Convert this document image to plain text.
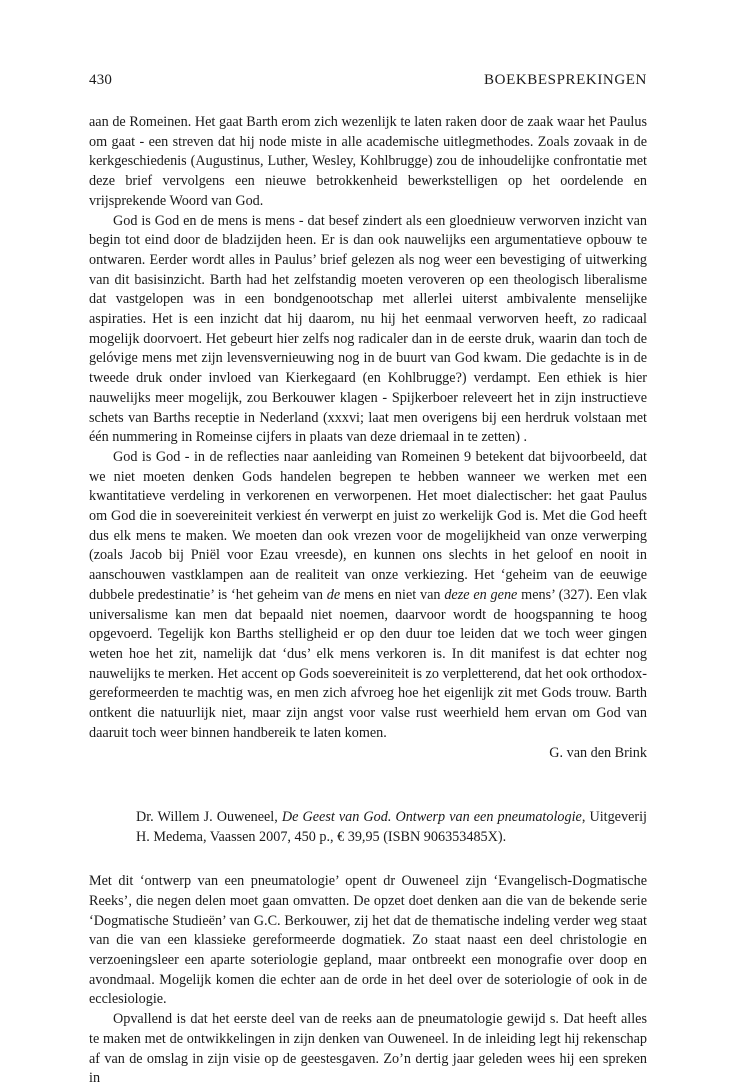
430	BOEKBESPREKINGEN

aan de Romeinen. Het gaat Barth erom zich wezenlijk te laten raken door de zaak waar het Paulus om gaat - een streven dat hij node miste in alle academische uitlegmethodes. Zoals zovaak in de kerkgeschiedenis (Augustinus, Luther, Wesley, Kohlbrugge) zou de inhoudelijke confrontatie met deze brief vervolgens een nieuwe betrokkenheid bewerkstelligen op het oordelende en vrijsprekende Woord van God.

God is God en de mens is mens - dat besef zindert als een gloednieuw verworven inzicht van begin tot eind door de bladzijden heen. Er is dan ook nauwelijks een argumentatieve opbouw te ontwaren. Eerder wordt alles in Paulus’ brief gelezen als nog weer een bevestiging of uitwerking van dit basisinzicht. Barth had het zelfstandig moeten veroveren op een theologisch liberalisme dat vastgelopen was in een bondgenootschap met allerlei uiterst ambivalente menselijke aspiraties. Het is een inzicht dat hij daarom, nu hij het eenmaal verworven heeft, zo radicaal mogelijk doorvoert. Het gebeurt hier zelfs nog radicaler dan in de eerste druk, waarin dan toch de gelóvige mens met zijn levensvernieuwing nog in de buurt van God kwam. Die gedachte is in de tweede druk onder invloed van Kierkegaard (en Kohlbrugge?) verdampt. Een ethiek is hier nauwelijks meer mogelijk, zou Berkouwer klagen - Spijkerboer releveert het in zijn instructieve schets van Barths receptie in Nederland (xxxvi; laat men overigens bij een herdruk volstaan met één nummering in Romeinse cijfers in plaats van deze driemaal in te zetten) .

God is God - in de reflecties naar aanleiding van Romeinen 9 betekent dat bijvoorbeeld, dat we niet moeten denken Gods handelen begrepen te hebben wanneer we werken met een kwantitatieve verdeling in verkorenen en verworpenen. Het moet dialectischer: het gaat Paulus om God die in soevereiniteit verkiest én verwerpt en juist zo werkelijk God is. Met die God heeft dus elk mens te maken. We moeten dan ook vrezen voor de mogelijkheid van onze verwerping (zoals Jacob bij Pniël voor Ezau vreesde), en kunnen ons slechts in het geloof en nooit in aanschouwen vastklampen aan de realiteit van onze verkiezing. Het ‘geheim van de eeuwige dubbele predestinatie’ is ‘het geheim van de mens en niet van deze en gene mens’ (327). Een vlak universalisme kan men dat bepaald niet noemen, daarvoor wordt de hoogspanning te hoog opgevoerd. Tegelijk kon Barths stelligheid er op den duur toe leiden dat we toch weer gingen weten hoe het zit, namelijk dat ‘dus’ elk mens verkoren is. In dit manifest is dat echter nog nauwelijks te merken. Het accent op Gods soevereiniteit is zo verpletterend, dat het ook orthodox-gereformeerden te machtig was, en men zich afvroeg hoe het eigenlijk zit met Gods trouw. Barth ontkent die natuurlijk niet, maar zijn angst voor valse rust weerhield hem ervan om God van daaruit toch weer binnen handbereik te laten komen.

G. van den Brink
Dr. Willem J. Ouweneel, De Geest van God. Ontwerp van een pneumatologie, Uitgeverij H. Medema, Vaassen 2007, 450 p., € 39,95 (ISBN 906353485X).

Met dit ‘ontwerp van een pneumatologie’ opent dr Ouweneel zijn ‘Evangelisch-Dogmatische Reeks’, die negen delen moet gaan omvatten. De opzet doet denken aan die van de bekende serie ‘Dogmatische Studieën’ van G.C. Berkouwer, zij het dat de thematische indeling verder weg staat van die van een klassieke gereformeerde dogmatiek. Zo staat naast een deel christologie en verzoeningsleer een aparte soteriologie gepland, maar ontbreekt een monografie over doop en avondmaal. Mogelijk komen die echter aan de orde in het deel over de soteriologie of ook in de ecclesiologie.

Opvallend is dat het eerste deel van de reeks aan de pneumatologie gewijd s. Dat heeft alles te maken met de ontwikkelingen in zijn denken van Ouweneel. In de inleiding legt hij rekenschap af van de omslag in zijn visie op de geestesgaven. Zo’n dertig jaar geleden wees hij een spreken in
